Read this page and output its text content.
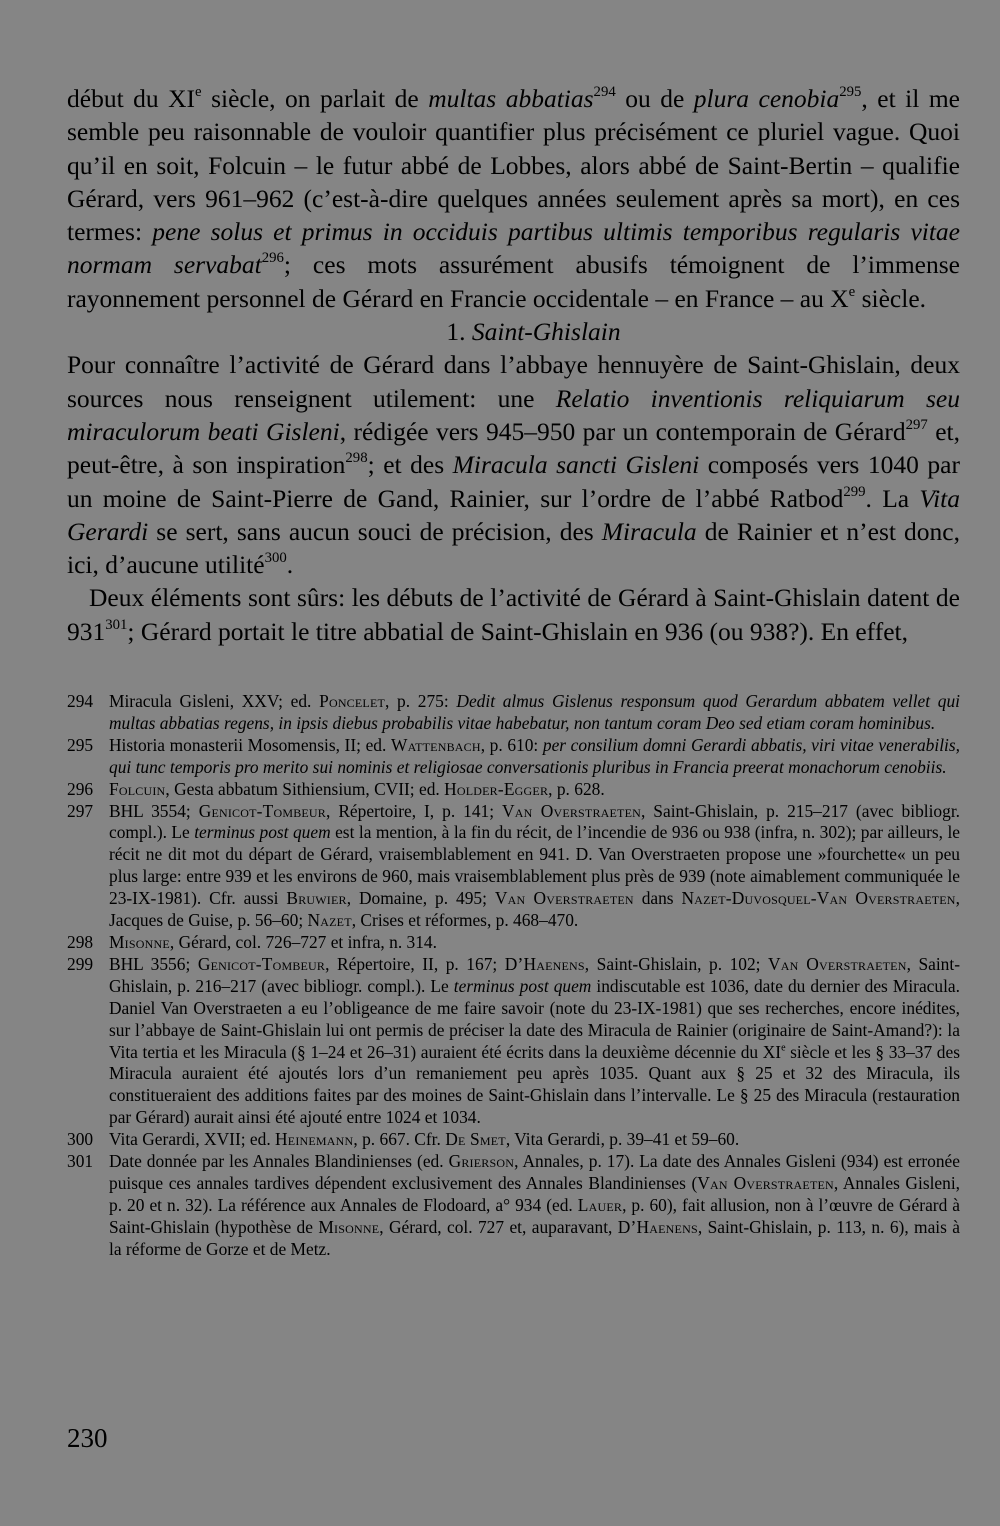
début du XIe siècle, on parlait de multas abbatias$^{294}$ ou de plura cenobia$^{295}$, et il me semble peu raisonnable de vouloir quantifier plus précisément ce pluriel vague. Quoi qu’il en soit, Folcuin – le futur abbé de Lobbes, alors abbé de Saint-Bertin – qualifie Gérard, vers 961–962 (c’est-à-dire quelques années seulement après sa mort), en ces termes: pene solus et primus in occiduis partibus ultimis temporibus regularis vitae normam servabat$^{296}$; ces mots assurément abusifs témoignent de l’immense rayonnement personnel de Gérard en Francie occidentale – en France – au Xe siècle.

1. Saint-Ghislain

Pour connaître l’activité de Gérard dans l’abbaye hennuyère de Saint-Ghislain, deux sources nous renseignent utilement: une Relatio inventionis reliquiarum seu miraculorum beati Gisleni, rédigée vers 945–950 par un contemporain de Gérard$^{297}$ et, peut-être, à son inspiration$^{298}$; et des Miracula sancti Gisleni composés vers 1040 par un moine de Saint-Pierre de Gand, Rainier, sur l’ordre de l’abbé Ratbod$^{299}$. La Vita Gerardi se sert, sans aucun souci de précision, des Miracula de Rainier et n’est donc, ici, d’aucune utilité$^{300}$.

Deux éléments sont sûrs: les débuts de l’activité de Gérard à Saint-Ghislain datent de $931^{301}$; Gérard portait le titre abbatial de Saint-Ghislain en 936 (ou 938?). En effet,

294 Miracula Gisleni, XXV; ed. Poncelet, p. 275: Dedit almus Gislenus responsum quod Gerardum abbatem vellet qui multas abbatias regens, in ipsis diebus probabilis vitae habebatur, non tantum coram Deo sed etiam coram hominibus.
295 Historia monasterii Mosomensis, II; ed. Wattenbach, p. 610: per consilium domni Gerardi abbatis, viri vitae venerabilis, qui tunc temporis pro merito sui nominis et religiosae conversationis pluribus in Francia preerat monachorum cenobiis.
296 Folcuin, Gesta abbatum Sithiensium, CVII; ed. Holder-Egger, p. 628.
297 BHL 3554; Genicot-Tombeur, Répertoire, I, p. 141; Van Overstraeten, Saint-Ghislain, p. 215–217 (avec bibliogr. compl.). Le terminus post quem est la mention, à la fin du récit, de l’incendie de 936 ou 938 (infra, n. 302); par ailleurs, le récit ne dit mot du départ de Gérard, vraisemblablement en 941. D. Van Overstraeten propose une »fourchette« un peu plus large: entre 939 et les environs de 960, mais vraisemblablement plus près de 939 (note aimablement communiquée le 23-IX-1981). Cfr. aussi Bruwier, Domaine, p. 495; Van Overstraeten dans Nazet-Duvosquel-Van Overstraeten, Jacques de Guise, p. 56–60; Nazet, Crises et réformes, p. 468–470.
298 Misonne, Gérard, col. 726–727 et infra, n. 314.
299 BHL 3556; Genicot-Tombeur, Répertoire, II, p. 167; D’Haenens, Saint-Ghislain, p. 102; Van Overstraeten, Saint-Ghislain, p. 216–217 (avec bibliogr. compl.). Le terminus post quem indiscutable est 1036, date du dernier des Miracula. Daniel Van Overstraeten a eu l’obligeance de me faire savoir (note du 23-IX-1981) que ses recherches, encore inédites, sur l’abbaye de Saint-Ghislain lui ont permis de préciser la date des Miracula de Rainier (originaire de Saint-Amand?): la Vita tertia et les Miracula (§ 1–24 et 26–31) auraient été écrits dans la deuxième décennie du XIe siècle et les § 33–37 des Miracula auraient été ajoutés lors d’un remaniement peu après 1035. Quant aux § 25 et 32 des Miracula, ils constitueraient des additions faites par des moines de Saint-Ghislain dans l’intervalle. Le § 25 des Miracula (restauration par Gérard) aurait ainsi été ajouté entre 1024 et 1034.
300 Vita Gerardi, XVII; ed. Heinemann, p. 667. Cfr. De Smet, Vita Gerardi, p. 39–41 et 59–60.
301 Date donnée par les Annales Blandinienses (ed. Grierson, Annales, p. 17). La date des Annales Gisleni (934) est erronée puisque ces annales tardives dépendent exclusivement des Annales Blandinienses (Van Overstraeten, Annales Gisleni, p. 20 et n. 32). La référence aux Annales de Flodoard, a° 934 (ed. Lauer, p. 60), fait allusion, non à l’œuvre de Gérard à Saint-Ghislain (hypothèse de Misonne, Gérard, col. 727 et, auparavant, D’Haenens, Saint-Ghislain, p. 113, n. 6), mais à la réforme de Gorze et de Metz.
230
